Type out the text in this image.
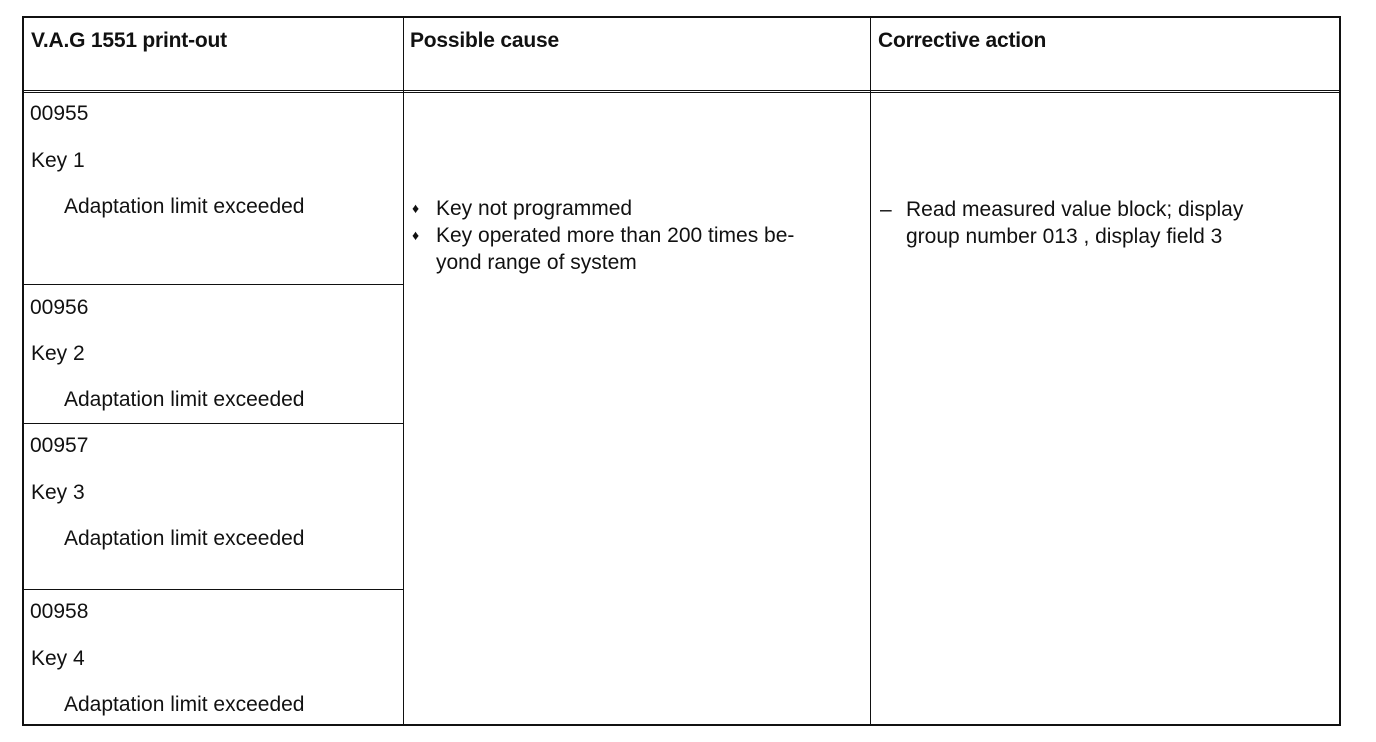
V.A.G 1551 print-out	Possible cause	Corrective action
00955
Key 1
Adaptation limit exceeded
00956
Key 2
Adaptation limit exceeded
00957
Key 3
Adaptation limit exceeded
00958
Key 4
Adaptation limit exceeded
♦ Key not programmed
♦ Key operated more than 200 times be-
yond range of system
– Read measured value block; display
group number 013 , display field 3
